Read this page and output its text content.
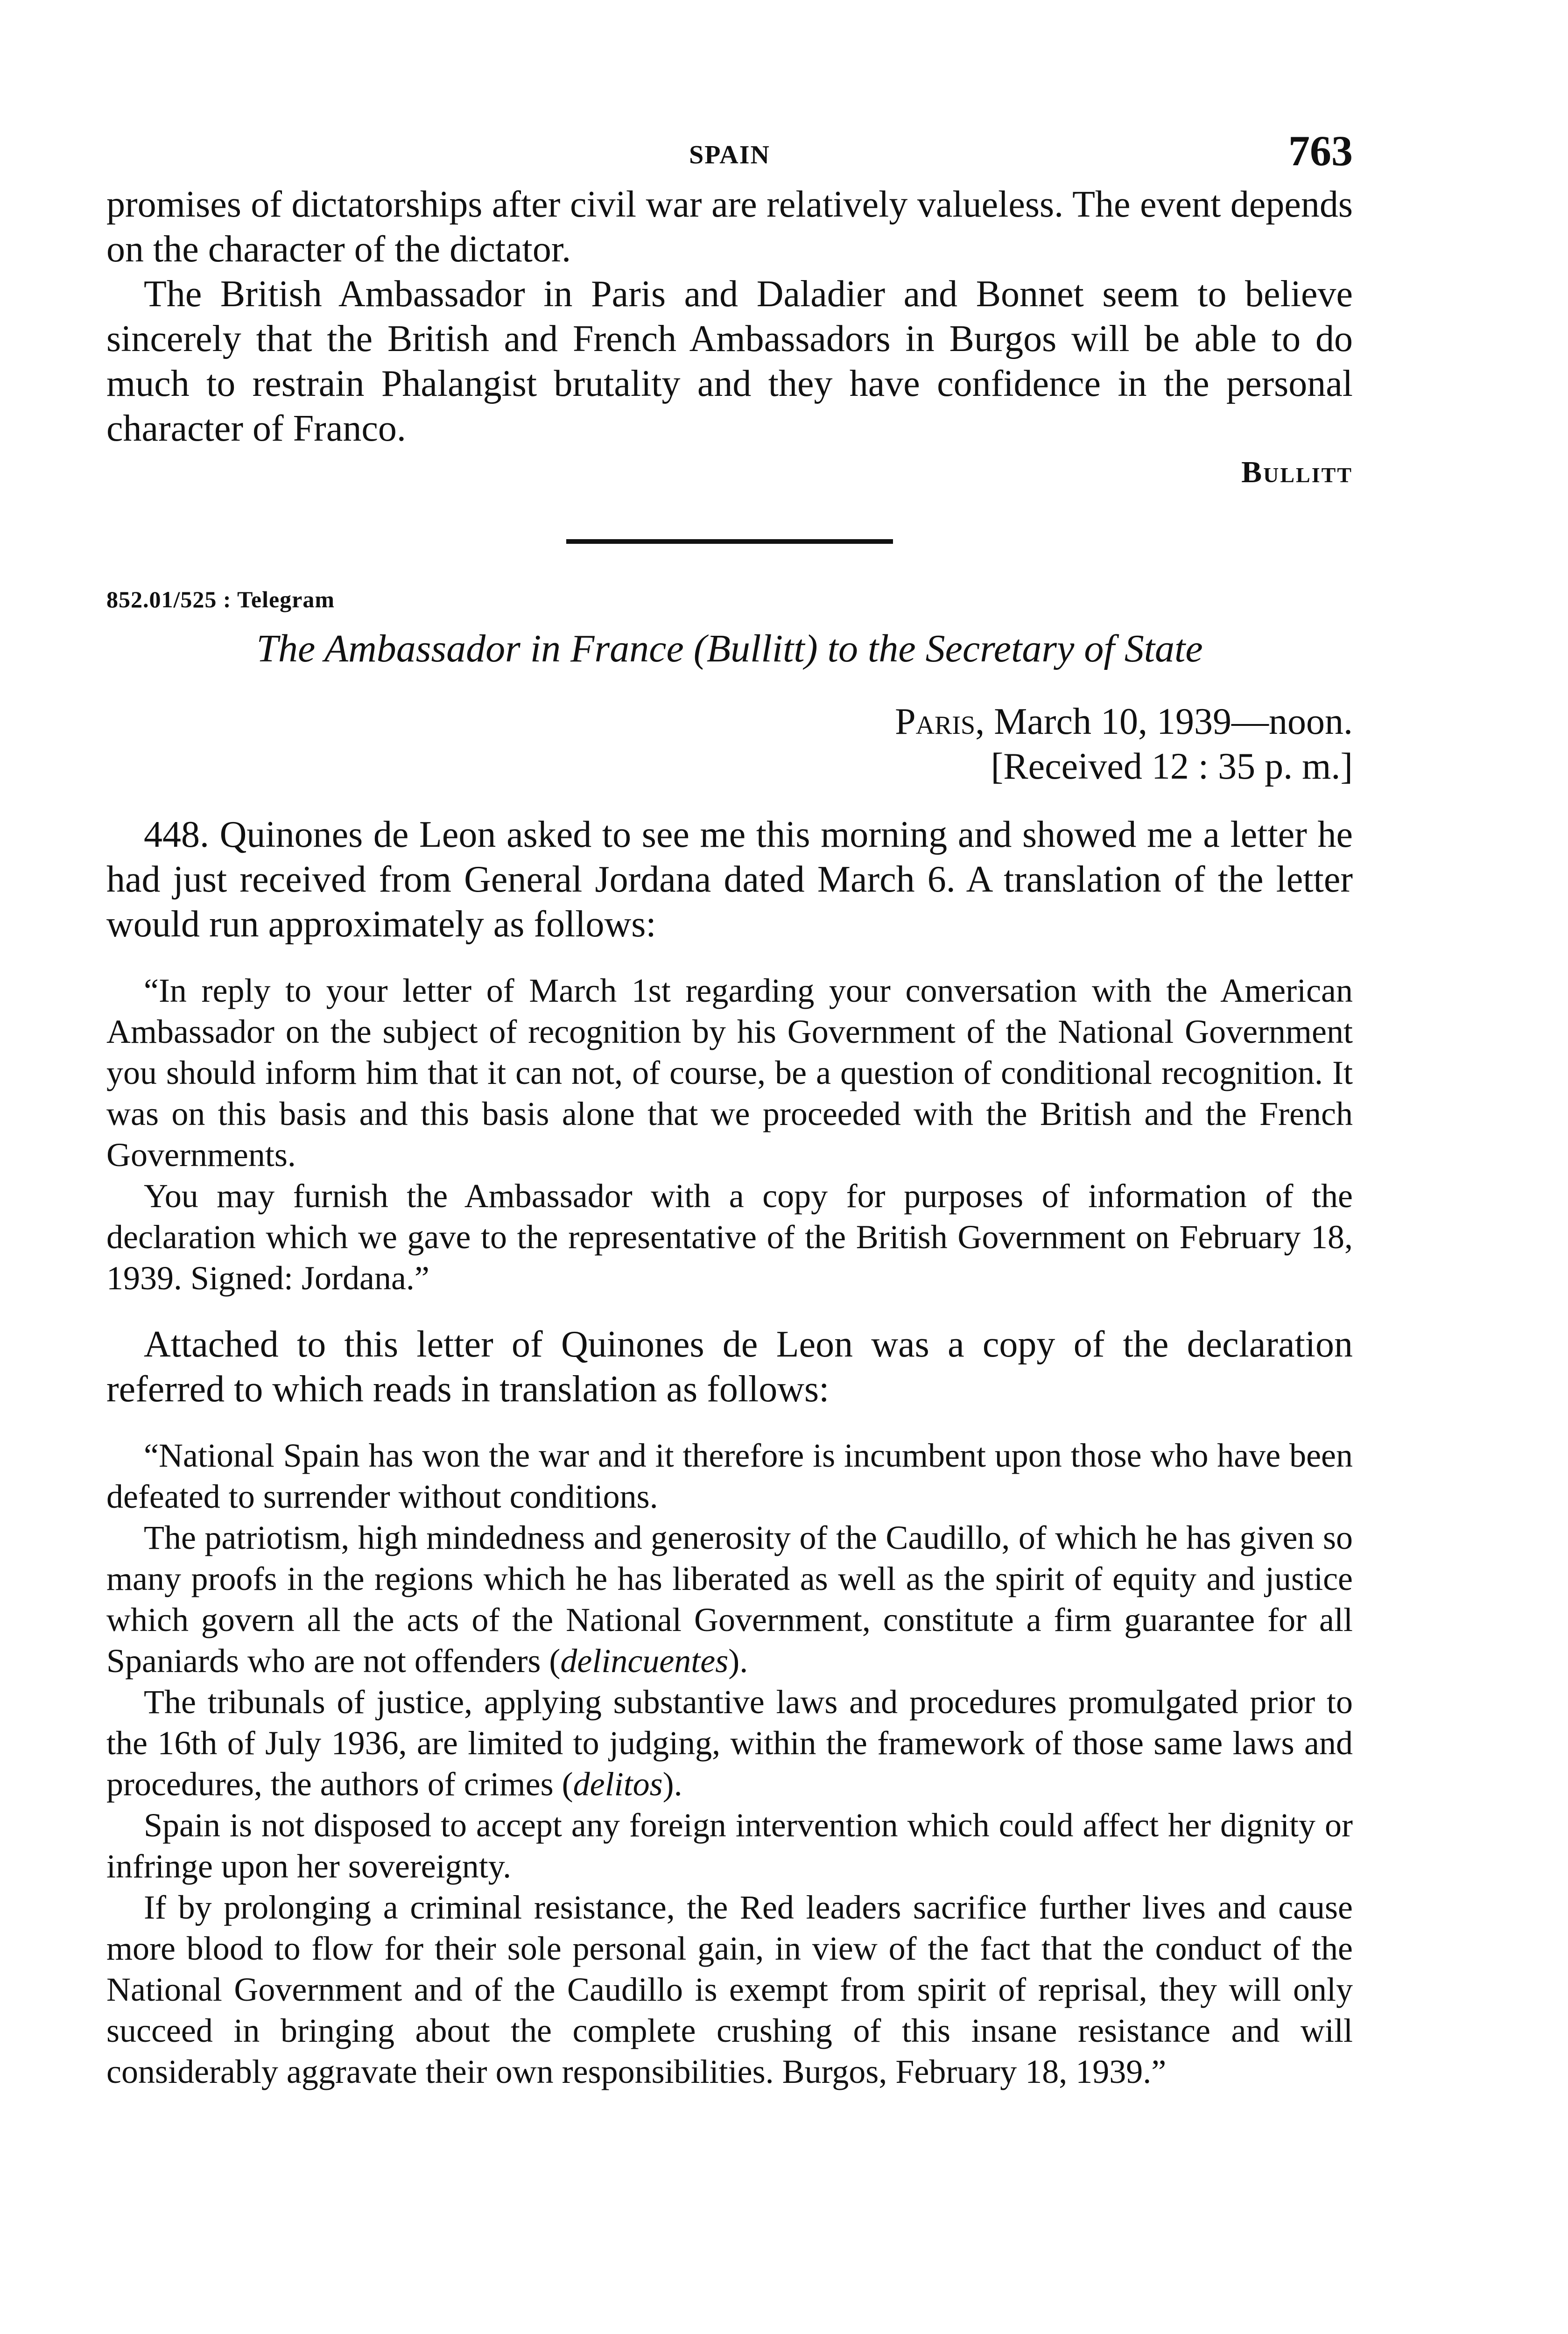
SPAIN	763

promises of dictatorships after civil war are relatively valueless. The event depends on the character of the dictator.

The British Ambassador in Paris and Daladier and Bonnet seem to believe sincerely that the British and French Ambassadors in Burgos will be able to do much to restrain Phalangist brutality and they have confidence in the personal character of Franco.

Bullitt
852.01/525 : Telegram
The Ambassador in France (Bullitt) to the Secretary of State
Paris, March 10, 1939—noon.
[Received 12 : 35 p. m.]

448. Quinones de Leon asked to see me this morning and showed me a letter he had just received from General Jordana dated March 6. A translation of the letter would run approximately as follows:

“In reply to your letter of March 1st regarding your conversation with the American Ambassador on the subject of recognition by his Government of the National Government you should inform him that it can not, of course, be a question of conditional recognition. It was on this basis and this basis alone that we proceeded with the British and the French Governments.

You may furnish the Ambassador with a copy for purposes of information of the declaration which we gave to the representative of the British Government on February 18, 1939. Signed: Jordana.”

Attached to this letter of Quinones de Leon was a copy of the declaration referred to which reads in translation as follows:

“National Spain has won the war and it therefore is incumbent upon those who have been defeated to surrender without conditions.

The patriotism, high mindedness and generosity of the Caudillo, of which he has given so many proofs in the regions which he has liberated as well as the spirit of equity and justice which govern all the acts of the National Government, constitute a firm guarantee for all Spaniards who are not offenders (delincuentes).

The tribunals of justice, applying substantive laws and procedures promulgated prior to the 16th of July 1936, are limited to judging, within the framework of those same laws and procedures, the authors of crimes (delitos).

Spain is not disposed to accept any foreign intervention which could affect her dignity or infringe upon her sovereignty.

If by prolonging a criminal resistance, the Red leaders sacrifice further lives and cause more blood to flow for their sole personal gain, in view of the fact that the conduct of the National Government and of the Caudillo is exempt from spirit of reprisal, they will only succeed in bringing about the complete crushing of this insane resistance and will considerably aggravate their own responsibilities. Burgos, February 18, 1939.”
